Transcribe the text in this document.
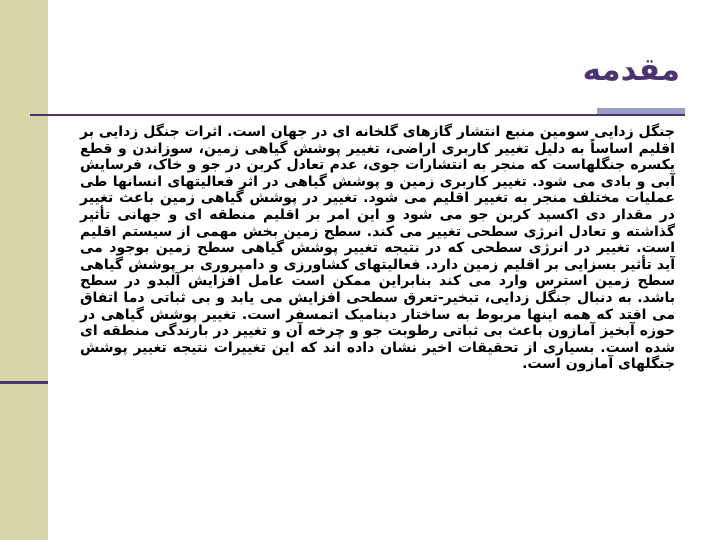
مقدمه
جنگل زدایی سومین منبع انتشار گازهای گلخانه ای در جهان است. اثرات جنگل زدایی بر اقلیم اساساً به دلیل تغییر کاربری اراضی، تغییر پوشش گیاهی زمین، سوزاندن و قطع یکسره جنگلهاست که منجر به انتشارات جوی، عدم تعادل کربن در جو و خاک، فرسایش آبی و بادی می شود. تغییر کاربری زمین و پوشش گیاهی در اثر فعالیتهای انسانها طی عملیات مختلف منجر به تغییر اقلیم می شود. تغییر در پوشش گیاهی زمین باعث تغییر در مقدار دی اکسید کربن جو می شود و این امر بر اقلیم منطقه ای و جهانی تأثیر گذاشته و تعادل انرژی سطحی تغییر می کند. سطح زمین بخش مهمی از سیستم اقلیم است. تغییر در انرژی سطحی که در نتیجه تغییر پوشش گیاهی سطح زمین بوجود می آید تأثیر بسزایی بر اقلیم زمین دارد. فعالیتهای کشاورزی و دامپروری بر پوشش گیاهی سطح زمین استرس وارد می کند بنابراین ممکن است عامل افزایش آلبدو در سطح باشد. به دنبال جنگل زدایی، تبخیر-تعرق سطحی افزایش می یابد و بی ثباتی دما اتفاق می افتد که همه اینها مربوط به ساختار دینامیک اتمسفر است. تغییر پوشش گیاهی در حوزه آبخیز آمازون باعث بی ثباتی رطوبت جو و چرخه آن و تغییر در بارندگی منطقه ای شده است. بسیاری از تحقیقات اخیر نشان داده اند که این تغییرات نتیجه تغییر پوشش جنگلهای آمازون است.
